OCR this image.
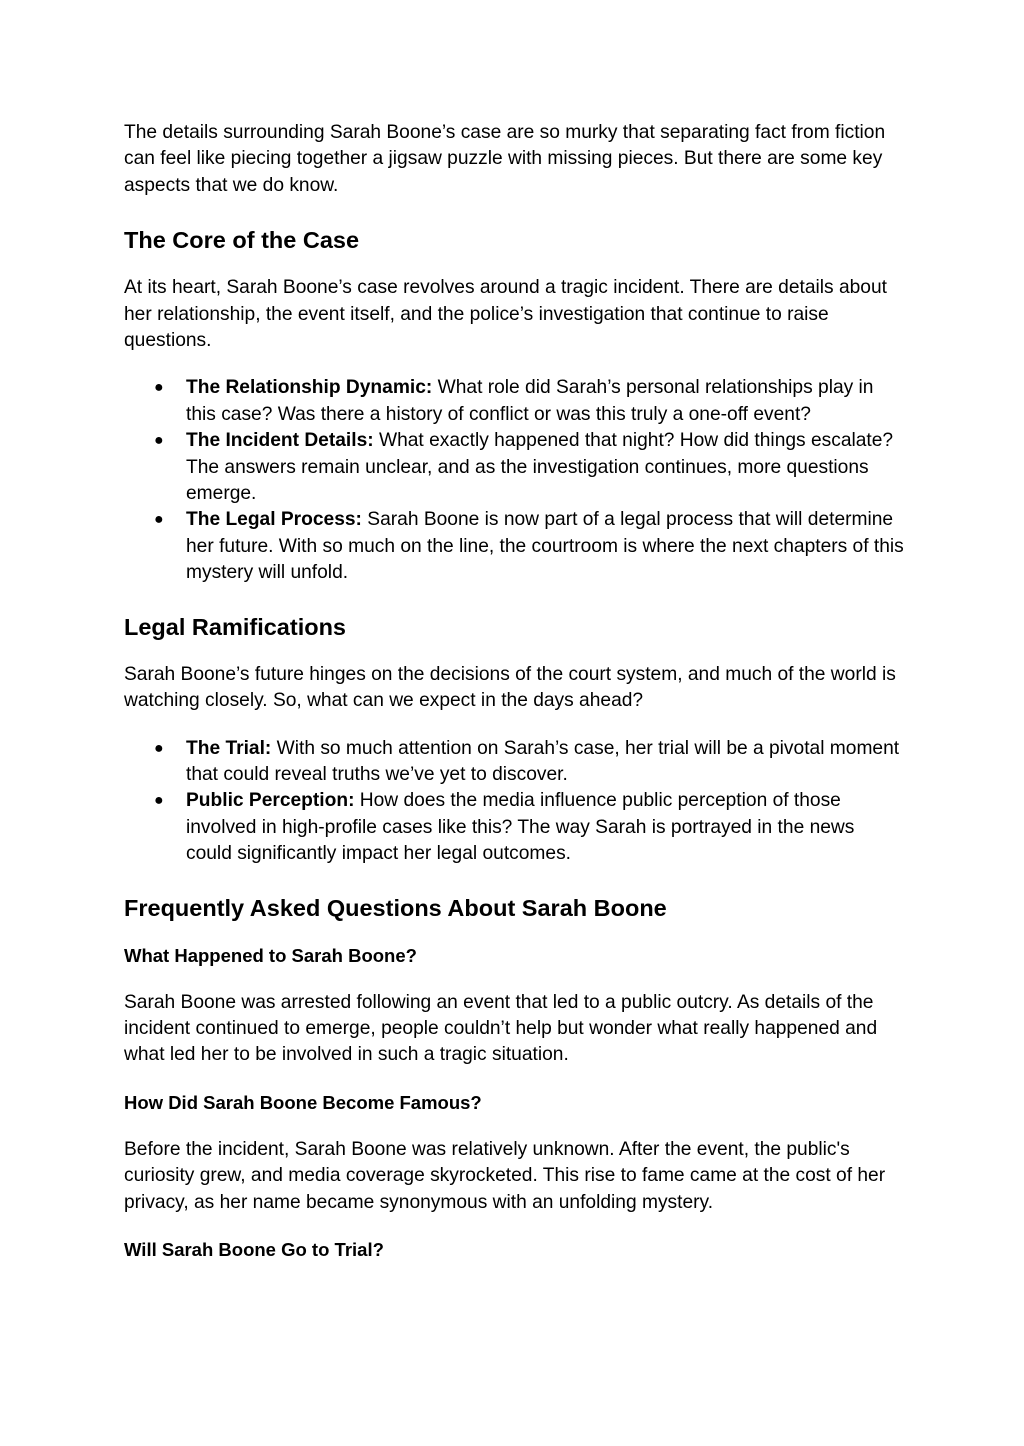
The details surrounding Sarah Boone’s case are so murky that separating fact from fiction can feel like piecing together a jigsaw puzzle with missing pieces. But there are some key aspects that we do know.

The Core of the Case

At its heart, Sarah Boone’s case revolves around a tragic incident. There are details about her relationship, the event itself, and the police’s investigation that continue to raise questions.

● The Relationship Dynamic: What role did Sarah’s personal relationships play in this case? Was there a history of conflict or was this truly a one-off event?
● The Incident Details: What exactly happened that night? How did things escalate? The answers remain unclear, and as the investigation continues, more questions emerge.
● The Legal Process: Sarah Boone is now part of a legal process that will determine her future. With so much on the line, the courtroom is where the next chapters of this mystery will unfold.
Legal Ramifications

Sarah Boone’s future hinges on the decisions of the court system, and much of the world is watching closely. So, what can we expect in the days ahead?

● The Trial: With so much attention on Sarah’s case, her trial will be a pivotal moment that could reveal truths we’ve yet to discover.
● Public Perception: How does the media influence public perception of those involved in high-profile cases like this? The way Sarah is portrayed in the news could significantly impact her legal outcomes.
Frequently Asked Questions About Sarah Boone
What Happened to Sarah Boone?

Sarah Boone was arrested following an event that led to a public outcry. As details of the incident continued to emerge, people couldn’t help but wonder what really happened and what led her to be involved in such a tragic situation.

How Did Sarah Boone Become Famous?

Before the incident, Sarah Boone was relatively unknown. After the event, the public's curiosity grew, and media coverage skyrocketed. This rise to fame came at the cost of her privacy, as her name became synonymous with an unfolding mystery.

Will Sarah Boone Go to Trial?
